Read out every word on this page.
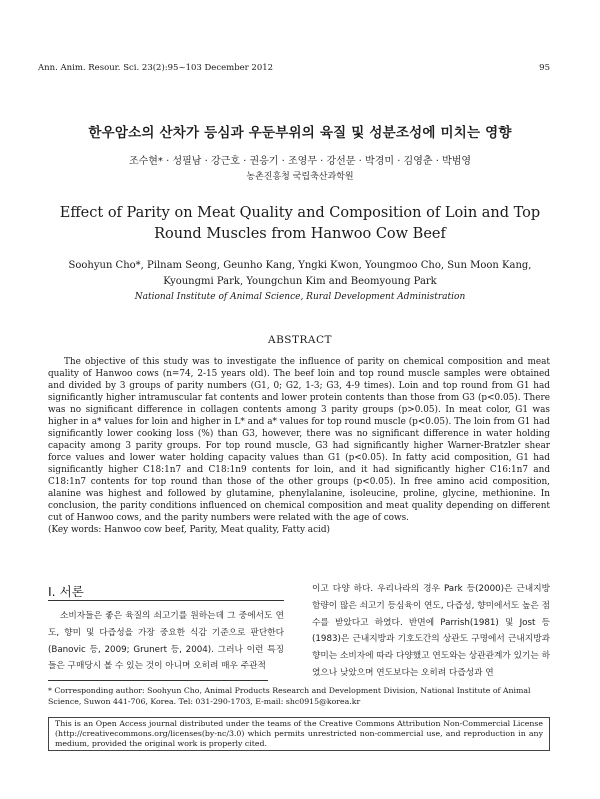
Ann. Anim. Resour. Sci. 23(2):95~103 December 2012	95
한우암소의 산차가 등심과 우둔부위의 육질 및 성분조성에 미치는 영향
조수현* · 성필남 · 강근호 · 권응기 · 조영무 · 강선문 · 박경미 · 김영춘 · 박범영
농촌진흥청 국립축산과학원
Effect of Parity on Meat Quality and Composition of Loin and Top Round Muscles from Hanwoo Cow Beef
Soohyun Cho*, Pilnam Seong, Geunho Kang, Yngki Kwon, Youngmoo Cho, Sun Moon Kang,
Kyoungmi Park, Youngchun Kim and Beomyoung Park
National Institute of Animal Science, Rural Development Administration
ABSTRACT

The objective of this study was to investigate the influence of parity on chemical composition and meat quality of Hanwoo cows (n=74, 2-15 years old). The beef loin and top round muscle samples were obtained and divided by 3 groups of parity numbers (G1, 0; G2, 1-3; G3, 4-9 times). Loin and top round from G1 had significantly higher intramuscular fat contents and lower protein contents than those from G3 (p<0.05). There was no significant difference in collagen contents among 3 parity groups (p>0.05). In meat color, G1 was higher in a* values for loin and higher in L* and a* values for top round muscle (p<0.05). The loin from G1 had significantly lower cooking loss (%) than G3, however, there was no significant difference in water holding capacity among 3 parity groups. For top round muscle, G3 had significantly higher Warner-Bratzler shear force values and lower water holding capacity values than G1 (p<0.05). In fatty acid composition, G1 had significantly higher C18:1n7 and C18:1n9 contents for loin, and it had significantly higher C16:1n7 and C18:1n7 contents for top round than those of the other groups (p<0.05). In free amino acid composition, alanine was highest and followed by glutamine, phenylalanine, isoleucine, proline, glycine, methionine. In conclusion, the parity conditions influenced on chemical composition and meat quality depending on different cut of Hanwoo cows, and the parity numbers were related with the age of cows.

(Key words: Hanwoo cow beef, Parity, Meat quality, Fatty acid)

I. 서론

소비자들은 좋은 육질의 쇠고기를 원하는데 그 중에서도 연도, 향미 및 다즙성을 가장 중요한 식감 기준으로 판단한다(Banovic 등, 2009; Grunert 등, 2004). 그러나 이런 특징들은 구매당시 볼 수 있는 것이 아니며 오히려 매우 주관적

이고 다양 하다. 우리나라의 경우 Park 등(2000)은 근내지방 함량이 많은 쇠고기 등심육이 연도, 다즙성, 향미에서도 높은 점수를 받았다고 하였다. 반면에 Parrish(1981) 및 Jost 등(1983)은 근내지방과 기호도간의 상관도 구명에서 근내지방과 향미는 소비자에 따라 다양했고 연도와는 상관관계가 있기는 하였으나 낮았으며 연도보다는 오히려 다즙성과 연

* Corresponding author: Soohyun Cho, Animal Products Research and Development Division, National Institute of Animal Science, Suwon 441-706, Korea. Tel: 031-290-1703, E-mail: shc0915@korea.kr
This is an Open Access journal distributed under the teams of the Creative Commons Attribution Non-Commercial License (http://creativecommons.org/licenses(by-nc/3.0) which permits unrestricted non-commercial use, and reproduction in any medium, provided the original work is properly cited.
